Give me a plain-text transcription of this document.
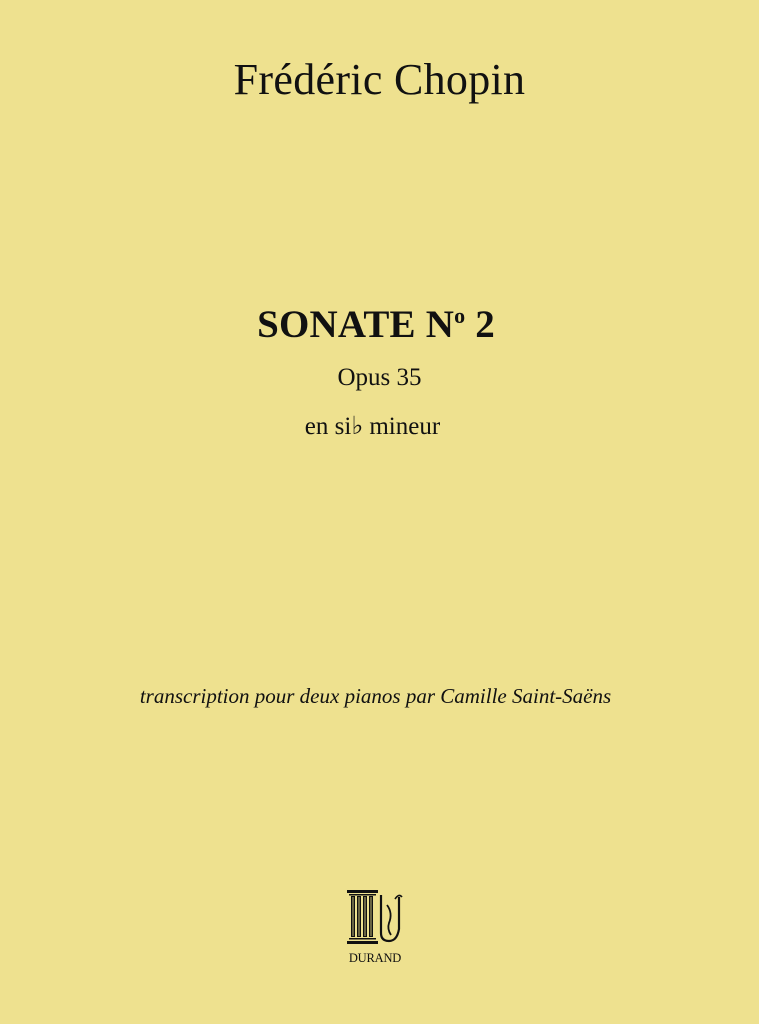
Frédéric Chopin
SONATE $N^o$ 2
Opus 35
en si♭ mineur
transcription pour deux pianos par Camille Saint-Saëns
DURAND
